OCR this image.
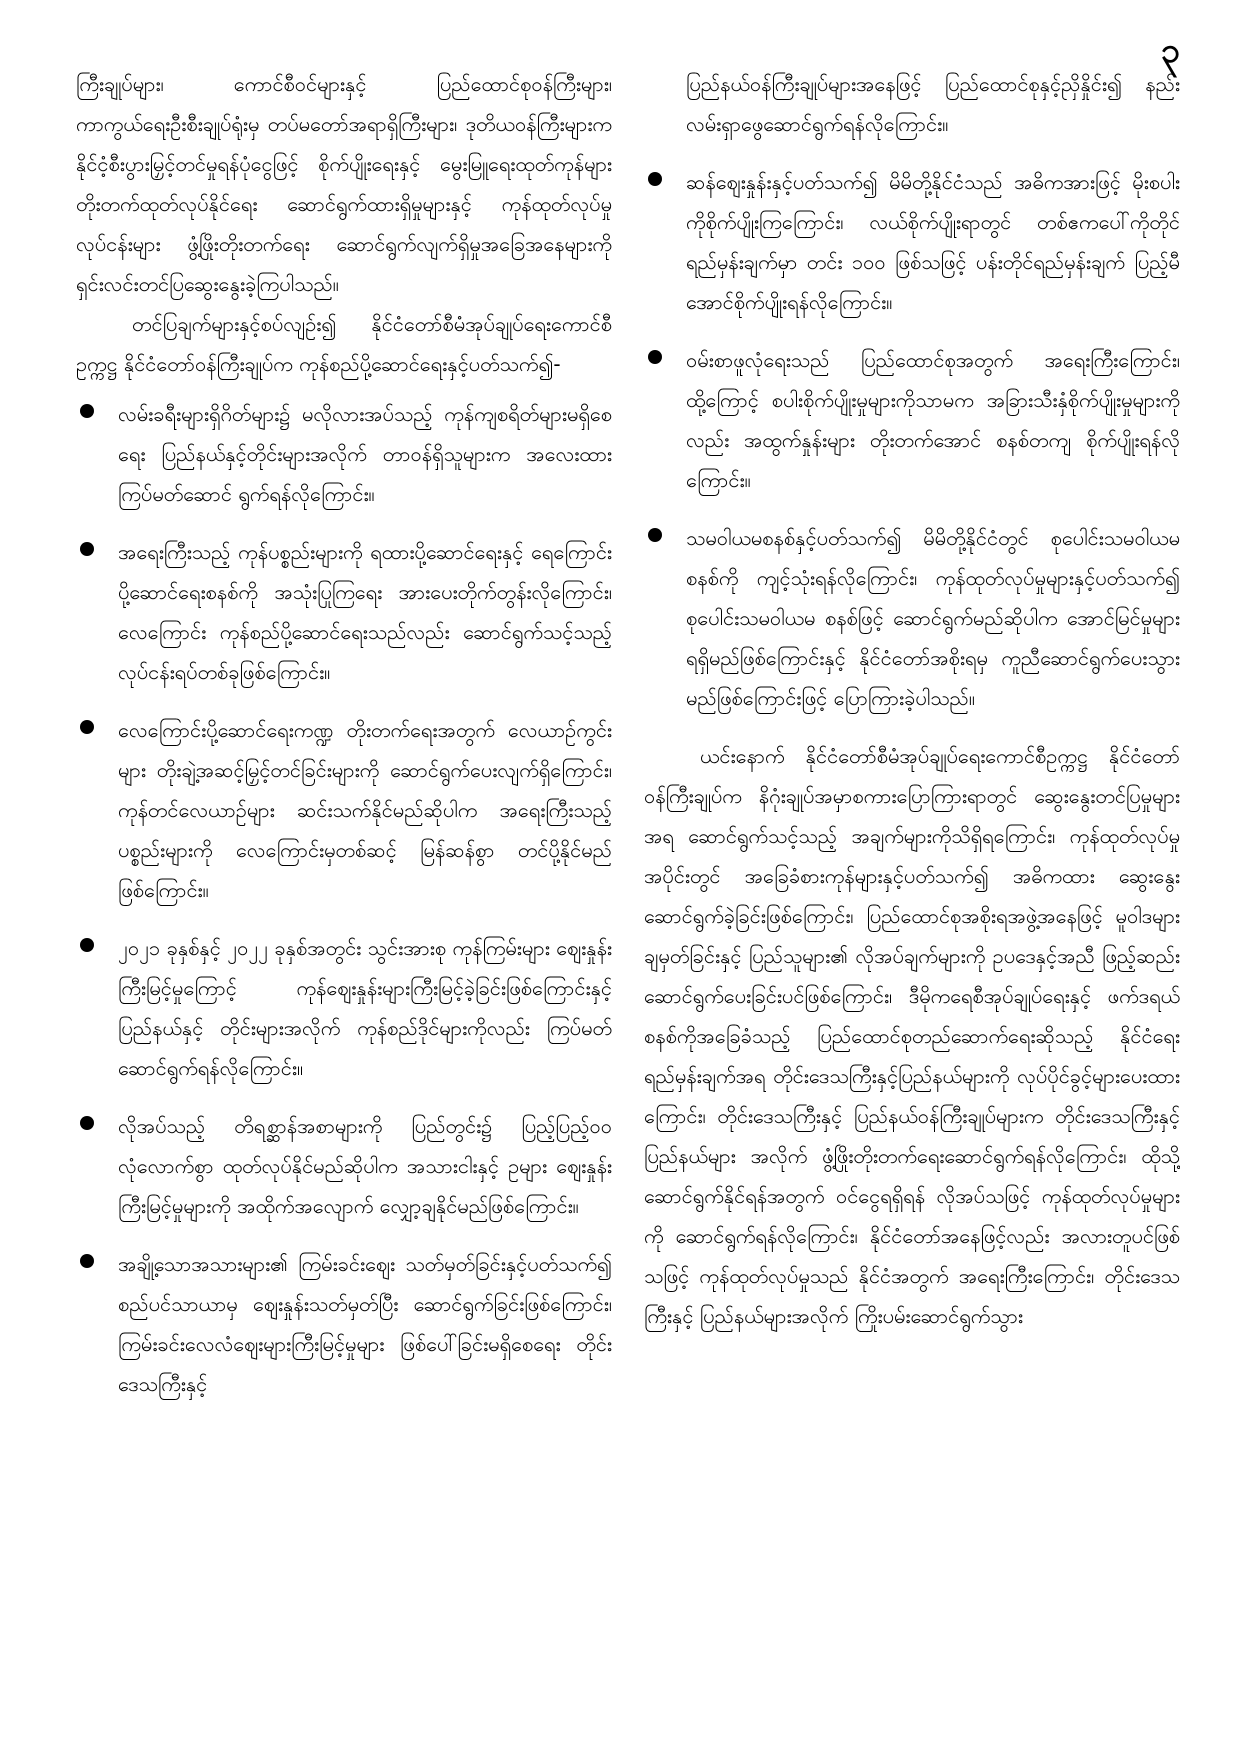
၃

ကြီးချုပ်များ၊ ကောင်စီဝင်များနှင့် ပြည်ထောင်စုဝန်ကြီးများ၊ ကာကွယ်ရေးဦးစီးချုပ်ရုံးမှ တပ်မတော်အရာရှိကြီးများ၊ ဒုတိယဝန်ကြီးများက နိုင်ငံ့စီးပွားမြှင့်တင်မှုရန်ပုံငွေဖြင့် စိုက်ပျိုးရေးနှင့် မွေးမြူရေးထုတ်ကုန်များ တိုးတက်ထုတ်လုပ်နိုင်ရေး ဆောင်ရွက်ထားရှိမှုများနှင့် ကုန်ထုတ်လုပ်မှုလုပ်ငန်းများ ဖွံ့ဖြိုးတိုးတက်ရေး ဆောင်ရွက်လျက်ရှိမှုအခြေအနေများကို ရှင်းလင်းတင်ပြဆွေးနွေးခဲ့ကြပါသည်။

တင်ပြချက်များနှင့်စပ်လျဉ်း၍ နိုင်ငံတော်စီမံအုပ်ချုပ်ရေးကောင်စီဥက္ကဋ္ဌ နိုင်ငံတော်ဝန်ကြီးချုပ်က ကုန်စည်ပို့ဆောင်ရေးနှင့်ပတ်သက်၍-

လမ်းခရီးများရှိဂိတ်များ၌ မလိုလားအပ်သည့် ကုန်ကျစရိတ်များမရှိစေရေး ပြည်နယ်နှင့်တိုင်းများအလိုက် တာဝန်ရှိသူများက အလေးထားကြပ်မတ်ဆောင် ရွက်ရန်လိုကြောင်း။
အရေးကြီးသည့် ကုန်ပစ္စည်းများကို ရထားပို့ဆောင်ရေးနှင့် ရေကြောင်းပို့ဆောင်ရေးစနစ်ကို အသုံးပြုကြရေး အားပေးတိုက်တွန်းလိုကြောင်း၊ လေကြောင်း ကုန်စည်ပို့ဆောင်ရေးသည်လည်း ဆောင်ရွက်သင့်သည့် လုပ်ငန်းရပ်တစ်ခုဖြစ်ကြောင်း။
လေကြောင်းပို့ဆောင်ရေးကဏ္ဍ တိုးတက်ရေးအတွက် လေယာဉ်ကွင်းများ တိုးချဲ့အဆင့်မြှင့်တင်ခြင်းများကို ဆောင်ရွက်ပေးလျက်ရှိကြောင်း၊ ကုန်တင်လေယာဉ်များ ဆင်းသက်နိုင်မည်ဆိုပါက အရေးကြီးသည့်ပစ္စည်းများကို လေကြောင်းမှတစ်ဆင့် မြန်ဆန်စွာ တင်ပို့နိုင်မည်ဖြစ်ကြောင်း။
၂၀၂၁ ခုနှစ်နှင့် ၂၀၂၂ ခုနှစ်အတွင်း သွင်းအားစု ကုန်ကြမ်းများ ဈေးနှုန်းကြီးမြင့်မှုကြောင့် ကုန်ဈေးနှုန်းများကြီးမြင့်ခဲ့ခြင်းဖြစ်ကြောင်းနှင့် ပြည်နယ်နှင့် တိုင်းများအလိုက် ကုန်စည်ဒိုင်များကိုလည်း ကြပ်မတ်ဆောင်ရွက်ရန်လိုကြောင်း။
လိုအပ်သည့် တိရစ္ဆာန်အစာများကို ပြည်တွင်း၌ ပြည့်ပြည့်ဝဝ လုံလောက်စွာ ထုတ်လုပ်နိုင်မည်ဆိုပါက အသားငါးနှင့် ဥများ ဈေးနှုန်းကြီးမြင့်မှုများကို အထိုက်အလျောက် လျှော့ချနိုင်မည်ဖြစ်ကြောင်း။
အချို့သောအသားများ၏ ကြမ်းခင်းဈေး သတ်မှတ်ခြင်းနှင့်ပတ်သက်၍ စည်ပင်သာယာမှ ဈေးနှုန်းသတ်မှတ်ပြီး ဆောင်ရွက်ခြင်းဖြစ်ကြောင်း၊ ကြမ်းခင်းလေလံဈေးများကြီးမြင့်မှုများ ဖြစ်ပေါ်ခြင်းမရှိစေရေး တိုင်းဒေသကြီးနှင့်

ပြည်နယ်ဝန်ကြီးချုပ်များအနေဖြင့် ပြည်ထောင်စုနှင့်ညှိနှိုင်း၍ နည်းလမ်းရှာဖွေဆောင်ရွက်ရန်လိုကြောင်း။

ဆန်ဈေးနှုန်းနှင့်ပတ်သက်၍ မိမိတို့နိုင်ငံသည် အဓိကအားဖြင့် မိုးစပါးကိုစိုက်ပျိုးကြကြောင်း၊ လယ်စိုက်ပျိုးရာတွင် တစ်ဧကပေါ်ကိုတိုင်ရည်မှန်းချက်မှာ တင်း ၁၀၀ ဖြစ်သဖြင့် ပန်းတိုင်ရည်မှန်းချက် ပြည့်မီအောင်စိုက်ပျိုးရန်လိုကြောင်း။
ဝမ်းစာဖူလုံရေးသည် ပြည်ထောင်စုအတွက် အရေးကြီးကြောင်း၊ ထို့ကြောင့် စပါးစိုက်ပျိုးမှုများကိုသာမက အခြားသီးနှံစိုက်ပျိုးမှုများကိုလည်း အထွက်နှုန်းများ တိုးတက်အောင် စနစ်တကျ စိုက်ပျိုးရန်လိုကြောင်း။
သမဝါယမစနစ်နှင့်ပတ်သက်၍ မိမိတို့နိုင်ငံတွင် စုပေါင်းသမဝါယမစနစ်ကို ကျင့်သုံးရန်လိုကြောင်း၊ ကုန်ထုတ်လုပ်မှုများနှင့်ပတ်သက်၍ စုပေါင်းသမဝါယမ စနစ်ဖြင့် ဆောင်ရွက်မည်ဆိုပါက အောင်မြင်မှုများရရှိမည်ဖြစ်ကြောင်းနှင့် နိုင်ငံတော်အစိုးရမှ ကူညီဆောင်ရွက်ပေးသွားမည်ဖြစ်ကြောင်းဖြင့် ပြောကြားခဲ့ပါသည်။

ယင်းနောက် နိုင်ငံတော်စီမံအုပ်ချုပ်ရေးကောင်စီဥက္ကဋ္ဌ နိုင်ငံတော်ဝန်ကြီးချုပ်က နိဂုံးချုပ်အမှာစကားပြောကြားရာတွင် ဆွေးနွေးတင်ပြမှုများအရ ဆောင်ရွက်သင့်သည့် အချက်များကိုသိရှိရကြောင်း၊ ကုန်ထုတ်လုပ်မှုအပိုင်းတွင် အခြေခံစားကုန်များနှင့်ပတ်သက်၍ အဓိကထား ဆွေးနွေးဆောင်ရွက်ခဲ့ခြင်းဖြစ်ကြောင်း၊ ပြည်ထောင်စုအစိုးရအဖွဲ့အနေဖြင့် မူဝါဒများချမှတ်ခြင်းနှင့် ပြည်သူများ၏ လိုအပ်ချက်များကို ဥပဒေနှင့်အညီ ဖြည့်ဆည်းဆောင်ရွက်ပေးခြင်းပင်ဖြစ်ကြောင်း၊ ဒီမိုကရေစီအုပ်ချုပ်ရေးနှင့် ဖက်ဒရယ်စနစ်ကိုအခြေခံသည့် ပြည်ထောင်စုတည်ဆောက်ရေးဆိုသည့် နိုင်ငံရေးရည်မှန်းချက်အရ တိုင်းဒေသကြီးနှင့်ပြည်နယ်များကို လုပ်ပိုင်ခွင့်များပေးထားကြောင်း၊ တိုင်းဒေသကြီးနှင့် ပြည်နယ်ဝန်ကြီးချုပ်များက တိုင်းဒေသကြီးနှင့် ပြည်နယ်များ အလိုက် ဖွံ့ဖြိုးတိုးတက်ရေးဆောင်ရွက်ရန်လိုကြောင်း၊ ထိုသို့ဆောင်ရွက်နိုင်ရန်အတွက် ဝင်ငွေရရှိရန် လိုအပ်သဖြင့် ကုန်ထုတ်လုပ်မှုများကို ဆောင်ရွက်ရန်လိုကြောင်း၊ နိုင်ငံတော်အနေဖြင့်လည်း အလားတူပင်ဖြစ်သဖြင့် ကုန်ထုတ်လုပ်မှုသည် နိုင်ငံအတွက် အရေးကြီးကြောင်း၊ တိုင်းဒေသကြီးနှင့် ပြည်နယ်များအလိုက် ကြိုးပမ်းဆောင်ရွက်သွား
